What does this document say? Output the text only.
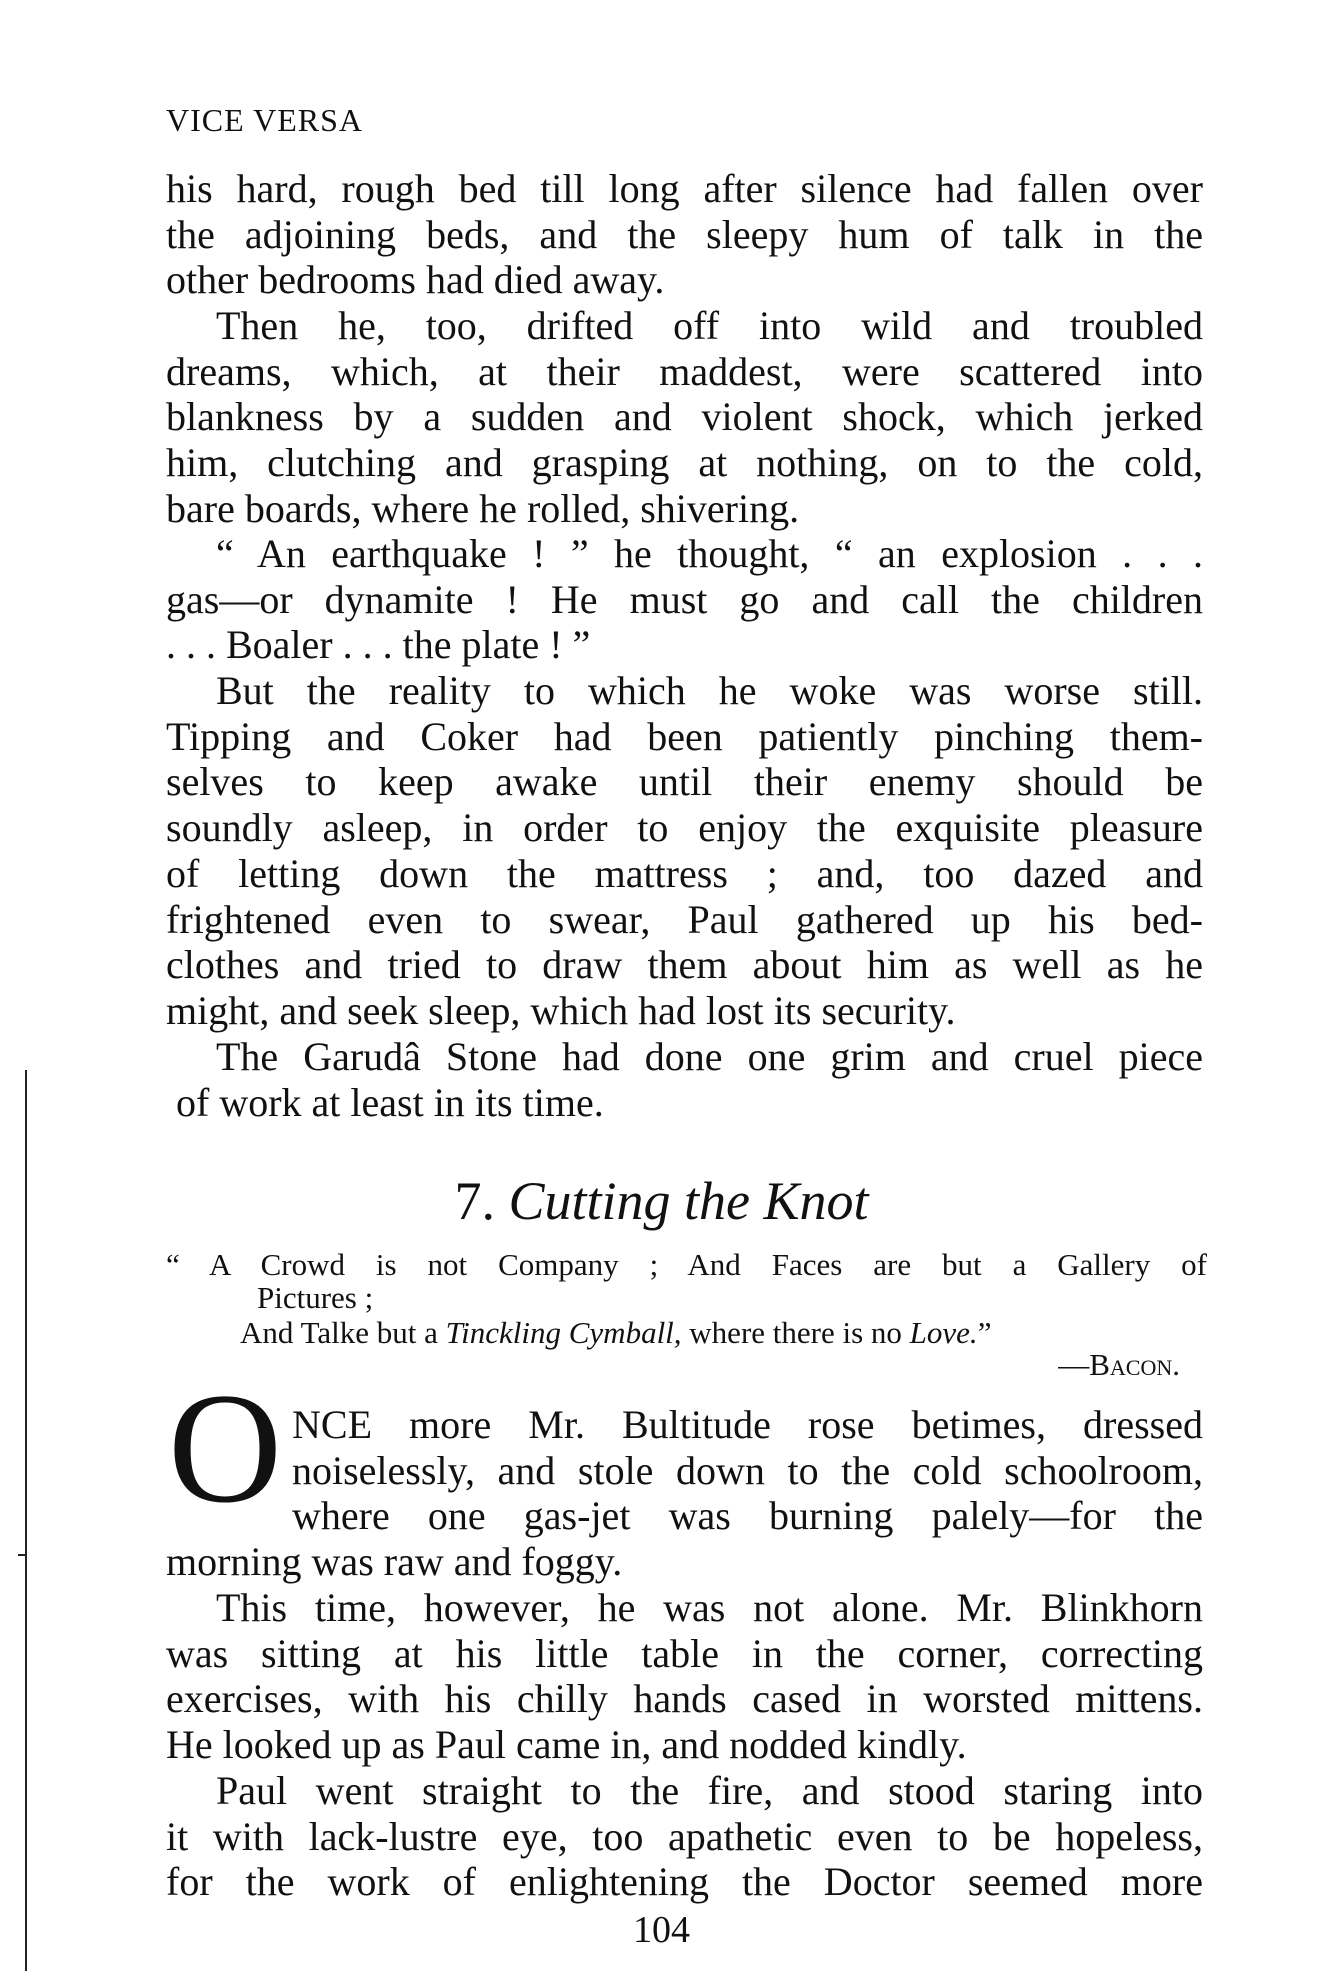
VICE VERSA
his hard, rough bed till long after silence had fallen over
the adjoining beds, and the sleepy hum of talk in the
other bedrooms had died away.
Then he, too, drifted off into wild and troubled
dreams, which, at their maddest, were scattered into
blankness by a sudden and violent shock, which jerked
him, clutching and grasping at nothing, on to the cold,
bare boards, where he rolled, shivering.
“ An earthquake ! ” he thought, “ an explosion . . .
gas—or dynamite ! He must go and call the children
. . . Boaler . . . the plate ! ”
But the reality to which he woke was worse still.
Tipping and Coker had been patiently pinching them-
selves to keep awake until their enemy should be
soundly asleep, in order to enjoy the exquisite pleasure
of letting down the mattress ; and, too dazed and
frightened even to swear, Paul gathered up his bed-
clothes and tried to draw them about him as well as he
might, and seek sleep, which had lost its security.
The Garudâ Stone had done one grim and cruel piece
of work at least in its time.
NCE more Mr. Bultitude rose betimes, dressed
noiselessly, and stole down to the cold schoolroom,
where one gas-jet was burning palely—for the
morning was raw and foggy.
This time, however, he was not alone. Mr. Blinkhorn
was sitting at his little table in the corner, correcting
exercises, with his chilly hands cased in worsted mittens.
He looked up as Paul came in, and nodded kindly.
Paul went straight to the fire, and stood staring into
it with lack-lustre eye, too apathetic even to be hopeless,
for the work of enlightening the Doctor seemed more
7. Cutting the Knot
“ A Crowd is not Company ; And Faces are but a Gallery of
Pictures ;
And Talke but a Tinckling Cymball, where there is no Love.”
—Bacon.
O
104
